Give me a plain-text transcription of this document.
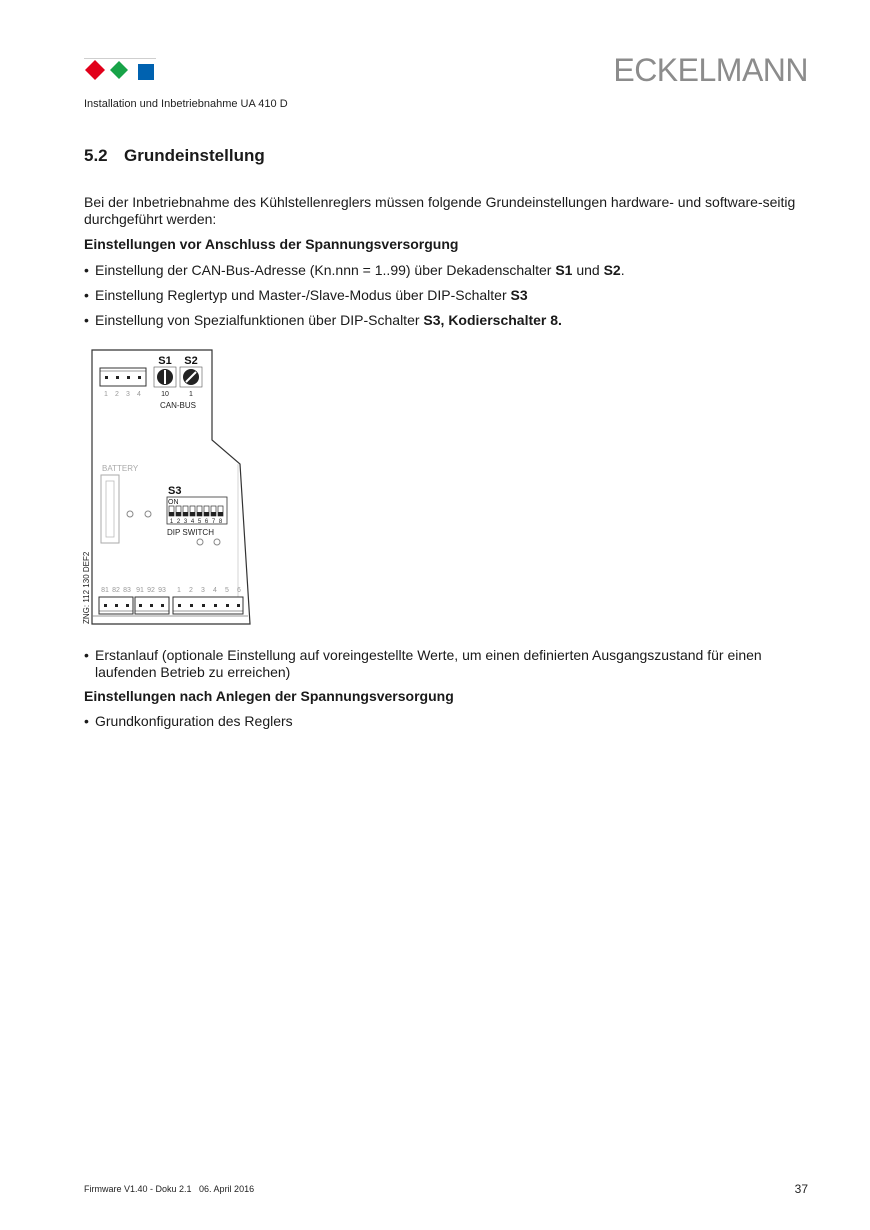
ECKELMANN
Installation und Inbetriebnahme UA 410 D
5.2 Grundeinstellung
Bei der Inbetriebnahme des Kühlstellenreglers müssen folgende Grundeinstellungen hardware- und software-seitig durchgeführt werden:
Einstellungen vor Anschluss der Spannungsversorgung
• Einstellung der CAN-Bus-Adresse (Kn.nnn = 1..99) über Dekadenschalter S1 und S2.
• Einstellung Reglertyp und Master-/Slave-Modus über DIP-Schalter S3
• Einstellung von Spezialfunktionen über DIP-Schalter S3, Kodierschalter 8.
1 2 3 4
S1 S2
10	1
CAN-BUS
BATTERY
S3
ON
1 2 3 4 5 6 7 8
DIP SWITCH
81 82 83 91 92 93 1 2 3 4 5 6
ZNG: 112 130 DEF2
• Erstanlauf (optionale Einstellung auf voreingestellte Werte, um einen definierten Ausgangszustand für einen laufenden Betrieb zu erreichen)
Einstellungen nach Anlegen der Spannungsversorgung
• Grundkonfiguration des Reglers
Firmware V1.40 - Doku 2.1   06. April 2016	37
